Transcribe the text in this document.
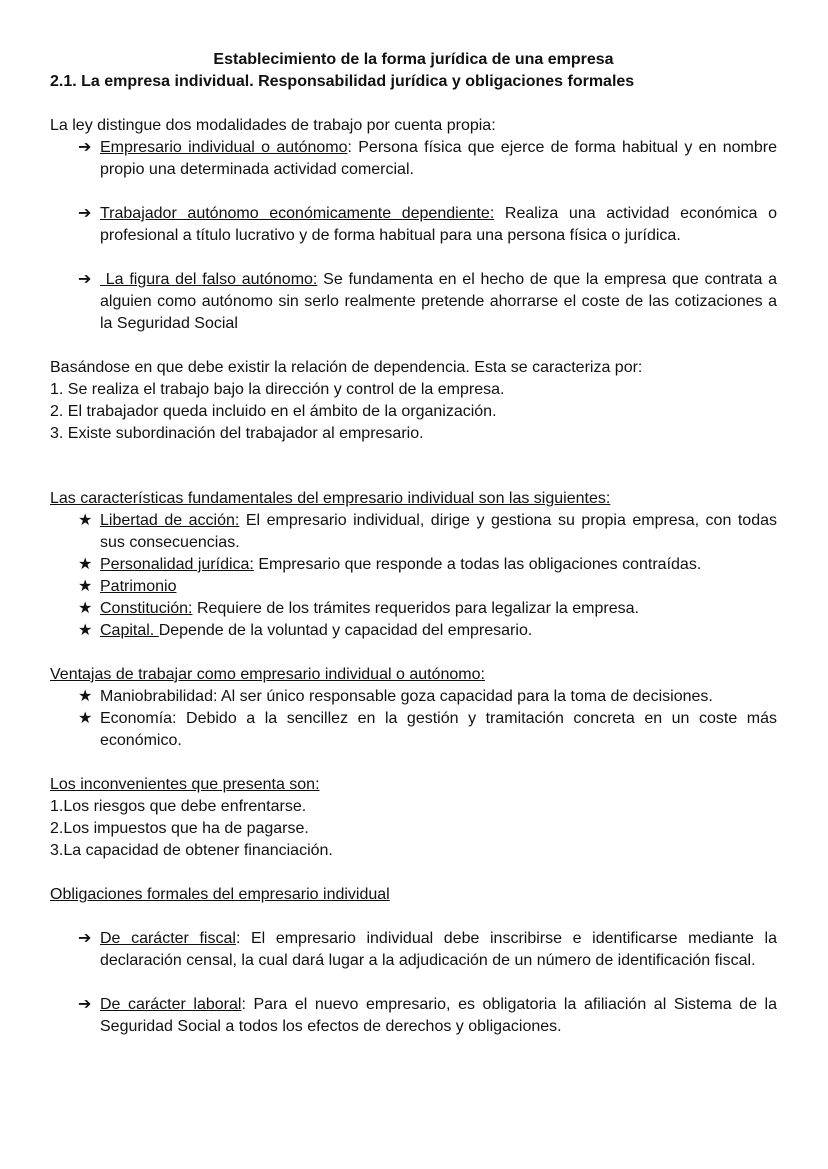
Establecimiento de la forma jurídica de una empresa
2.1. La empresa individual. Responsabilidad jurídica y obligaciones formales
La ley distingue dos modalidades de trabajo por cuenta propia:
➔ Empresario individual o autónomo: Persona física que ejerce de forma habitual y en nombre propio una determinada actividad comercial.
➔ Trabajador autónomo económicamente dependiente: Realiza una actividad económica o profesional a título lucrativo y de forma habitual para una persona física o jurídica.
➔ La figura del falso autónomo: Se fundamenta en el hecho de que la empresa que contrata a alguien como autónomo sin serlo realmente pretende ahorrarse el coste de las cotizaciones a la Seguridad Social
Basándose en que debe existir la relación de dependencia. Esta se caracteriza por:
1. Se realiza el trabajo bajo la dirección y control de la empresa.
2. El trabajador queda incluido en el ámbito de la organización.
3. Existe subordinación del trabajador al empresario.
Las características fundamentales del empresario individual son las siguientes:
★ Libertad de acción: El empresario individual, dirige y gestiona su propia empresa, con todas sus consecuencias.
★ Personalidad jurídica: Empresario que responde a todas las obligaciones contraídas.
★ Patrimonio
★ Constitución: Requiere de los trámites requeridos para legalizar la empresa.
★ Capital. Depende de la voluntad y capacidad del empresario.
Ventajas de trabajar como empresario individual o autónomo:
★ Maniobrabilidad: Al ser único responsable goza capacidad para la toma de decisiones.
★ Economía: Debido a la sencillez en la gestión y tramitación concreta en un coste más económico.
Los inconvenientes que presenta son:
1.Los riesgos que debe enfrentarse.
2.Los impuestos que ha de pagarse.
3.La capacidad de obtener financiación.
Obligaciones formales del empresario individual
➔ De carácter fiscal: El empresario individual debe inscribirse e identificarse mediante la declaración censal, la cual dará lugar a la adjudicación de un número de identificación fiscal.
➔ De carácter laboral: Para el nuevo empresario, es obligatoria la afiliación al Sistema de la Seguridad Social a todos los efectos de derechos y obligaciones.
